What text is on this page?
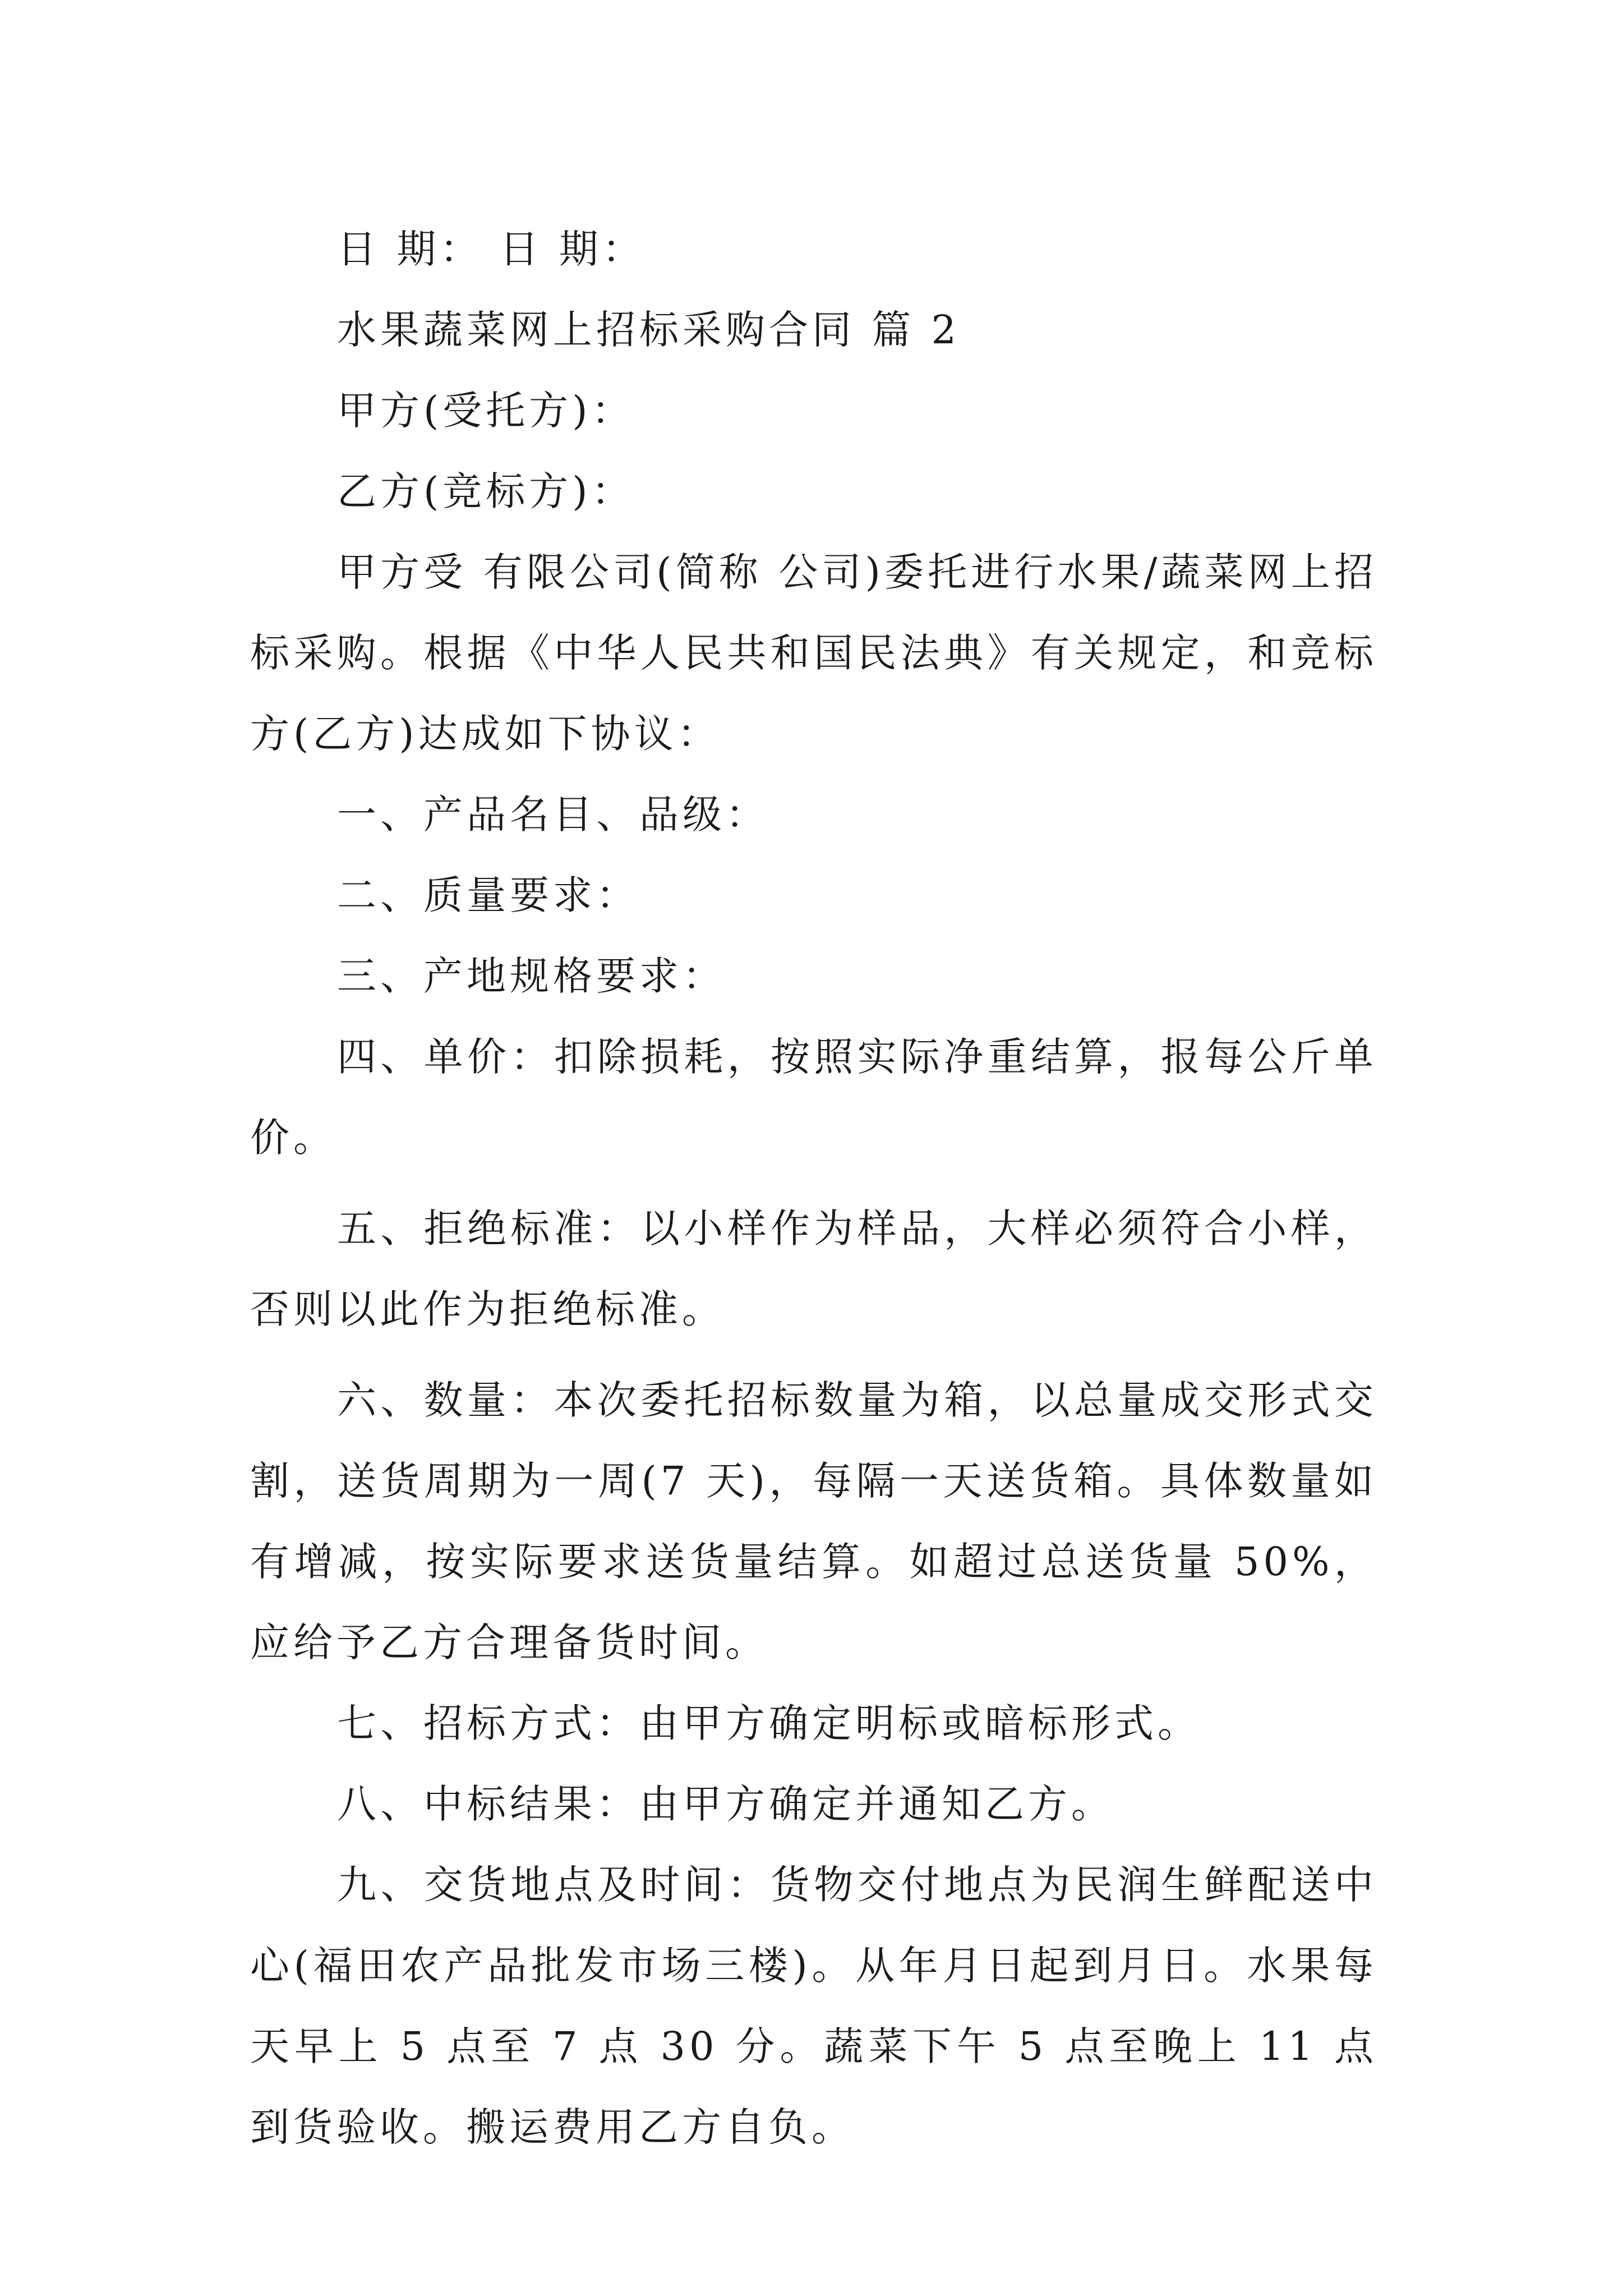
日 期： 日 期：

水果蔬菜网上招标采购合同 篇 2

甲方(受托方)：

乙方(竞标方)：

甲方受 有限公司(简称 公司)委托进行水果/蔬菜网上招标采购。根据《中华人民共和国民法典》有关规定，和竞标方(乙方)达成如下协议：

一、产品名目、品级：

二、质量要求：

三、产地规格要求：

四、单价：扣除损耗，按照实际净重结算，报每公斤单价。

五、拒绝标准：以小样作为样品，大样必须符合小样，否则以此作为拒绝标准。

六、数量：本次委托招标数量为箱，以总量成交形式交割，送货周期为一周(7 天)，每隔一天送货箱。具体数量如有增减，按实际要求送货量结算。如超过总送货量 50%，应给予乙方合理备货时间。

七、招标方式：由甲方确定明标或暗标形式。

八、中标结果：由甲方确定并通知乙方。

九、交货地点及时间：货物交付地点为民润生鲜配送中心(福田农产品批发市场三楼)。从年月日起到月日。水果每天早上 5 点至 7 点 30 分。蔬菜下午 5 点至晚上 11 点到货验收。搬运费用乙方自负。
